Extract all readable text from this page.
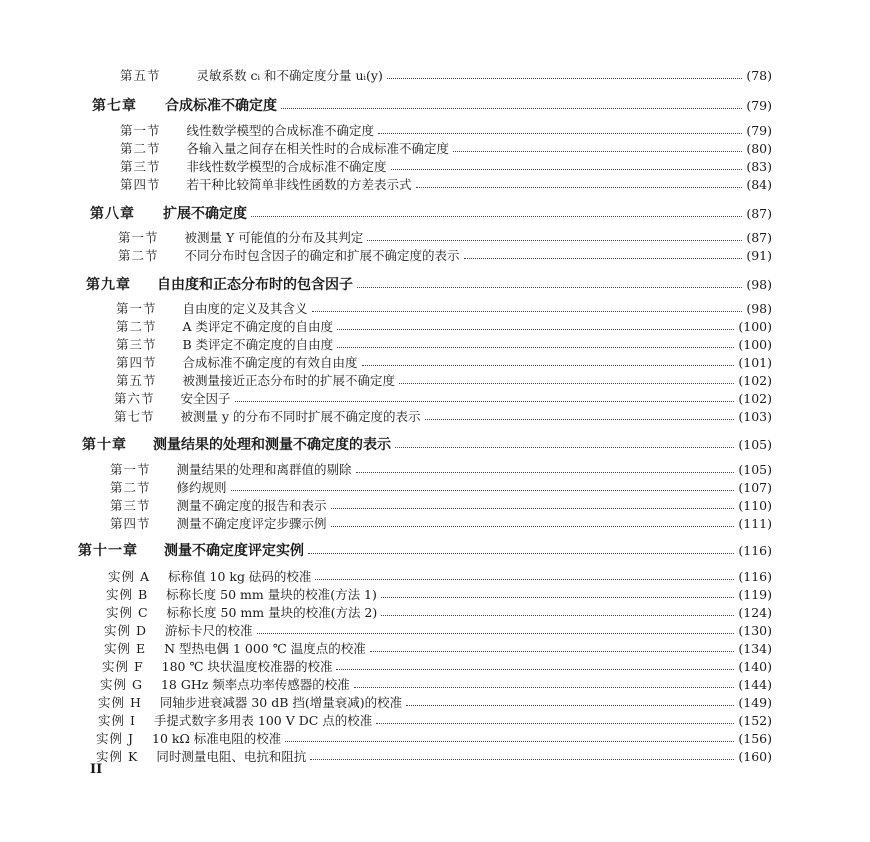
第五节	灵敏系数 cᵢ 和不确定度分量 uᵢ(y)	(78)
第七章 合成标准不确定度	(79)
第一节 线性数学模型的合成标准不确定度	(79)
第二节 各输入量之间存在相关性时的合成标准不确定度	(80)
第三节 非线性数学模型的合成标准不确定度	(83)
第四节 若干种比较简单非线性函数的方差表示式	(84)
第八章 扩展不确定度	(87)
第一节 被测量 Y 可能值的分布及其判定	(87)
第二节 不同分布时包含因子的确定和扩展不确定度的表示	(91)
第九章 自由度和正态分布时的包含因子	(98)
第一节 自由度的定义及其含义	(98)
第二节 A 类评定不确定度的自由度	(100)
第三节 B 类评定不确定度的自由度	(100)
第四节 合成标准不确定度的有效自由度	(101)
第五节 被测量接近正态分布时的扩展不确定度	(102)
第六节 安全因子	(102)
第七节 被测量 y 的分布不同时扩展不确定度的表示	(103)
第十章 测量结果的处理和测量不确定度的表示	(105)
第一节 测量结果的处理和离群值的剔除	(105)
第二节 修约规则	(107)
第三节 测量不确定度的报告和表示	(110)
第四节 测量不确定度评定步骤示例	(111)
第十一章 测量不确定度评定实例	(116)
实例 A 标称值 10 kg 砝码的校准	(116)
实例 B 标称长度 50 mm 量块的校准(方法 1)	(119)
实例 C 标称长度 50 mm 量块的校准(方法 2)	(124)
实例 D 游标卡尺的校准	(130)
实例 E N 型热电偶 1 000 ℃ 温度点的校准	(134)
实例 F 180 ℃ 块状温度校准器的校准	(140)
实例 G 18 GHz 频率点功率传感器的校准	(144)
实例 H 同轴步进衰减器 30 dB 挡(增量衰减)的校准	(149)
实例 I 手提式数字多用表 100 V DC 点的校准	(152)
实例 J 10 kΩ 标准电阻的校准	(156)
实例 K 同时测量电阻、电抗和阻抗	(160)
II
